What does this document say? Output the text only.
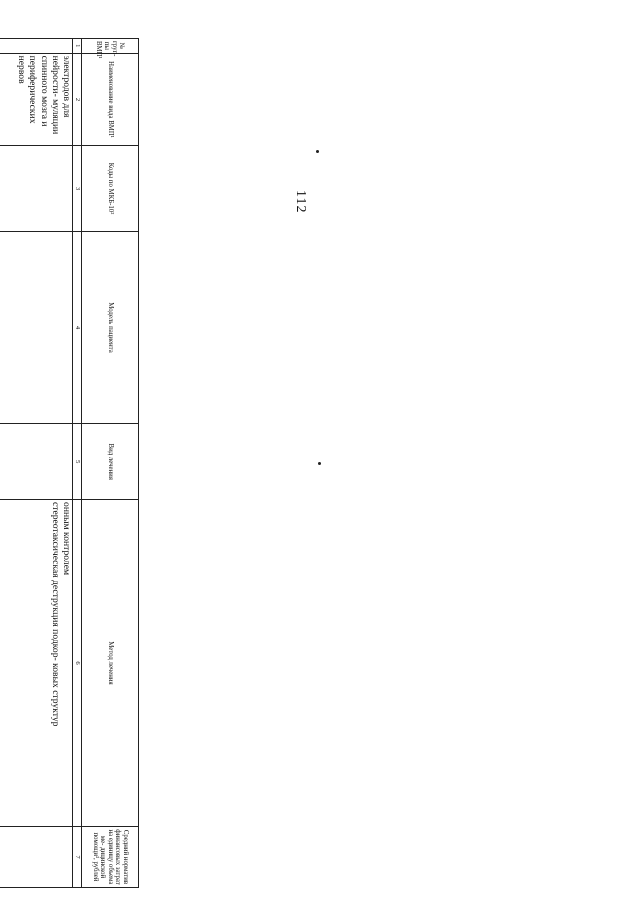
112
№ груп- пы ВМП¹	Наименование вида ВМП¹	Коды по МКБ-10²	Модель пациента	Вид лечения	Метод лечения	Средний норматив финансовых затрат на единицу объема ме- дицинской помощи³, рублей
1	2	3	4	5	6	7
	электродов для нейрости- муляции спинного мозга и периферических нервов				онным контролем
стереотаксическая деструкция подкор- ковых структур	
